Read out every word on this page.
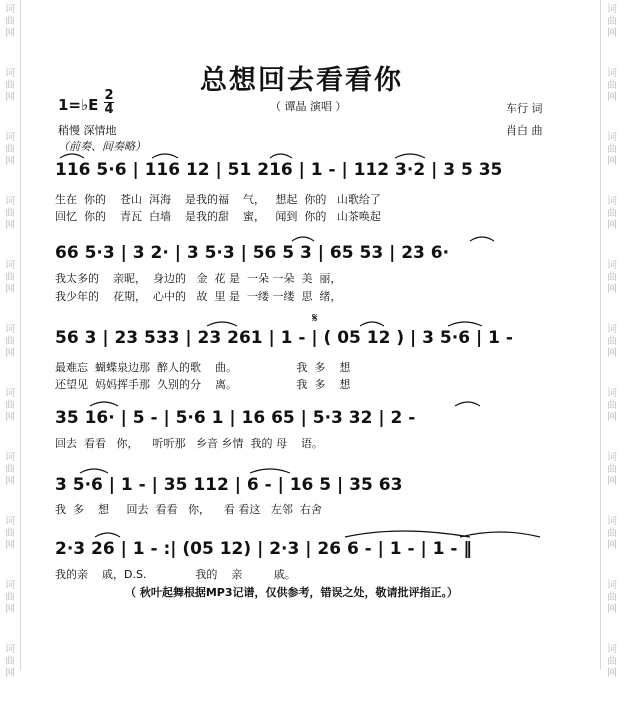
词
曲
网
词
曲
网
词
曲
网
词
曲
网
词
曲
网
词
曲
网
词
曲
网
词
曲
网
词
曲
网
词
曲
网
词
曲
网
词
曲
网
词
曲
网
词
曲
网
词
曲
网
词
曲
网
词
曲
网
词
曲
网
词
曲
网
词
曲
网
词
曲
网
词
曲
网
总想回去看看你
（ 谭晶 演唱 ）
1=♭E
2
4
稍慢 深情地
（前奏、间奏略）
车行 词
肖白 曲
116 5·6 | 116 12 | 51 216 | 1 - | 112 3·2 | 3 5 35
生在  你的    苍山  洱海    是我的福    气，   想起  你的   山歌给了
回忆  你的    青瓦  白墙    是我的甜    蜜，   闻到  你的   山茶唤起
66 5·3 | 3 2· | 3 5·3 | 56 5 3 | 65 53 | 23 6·
我太多的    亲昵，  身边的   金  花 是  一朵 一朵  美  丽，
我少年的    花期，  心中的   故  里 是  一缕 一缕  思  绪，
56 3 | 23 533 | 23 261 | 1 - | ( 05 12 ) | 3 5·6 | 1 -
最难忘  蝴蝶泉边那  醉人的歌    曲。                 我  多    想
还望见  妈妈挥手那  久别的分    离。                 我  多    想
35 16· | 5 - | 5·6 1 | 16 65 | 5·3 32 | 2 -
回去  看看   你，    听听那   乡音 乡情  我的 母    语。
3 5·6 | 1 - | 35 112 | 6 - | 16 5 | 35 63
我  多    想     回去  看看   你，    看 看这   左邻  右舍
2·3 26 | 1 - :| (05 12) | 2·3 | 26 6 - | 1 - | 1 - ‖
我的亲    戚，D.S.              我的    亲         戚。
（ 秋叶起舞根据MP3记谱，仅供参考，错误之处，敬请批评指正。）
𝄋
